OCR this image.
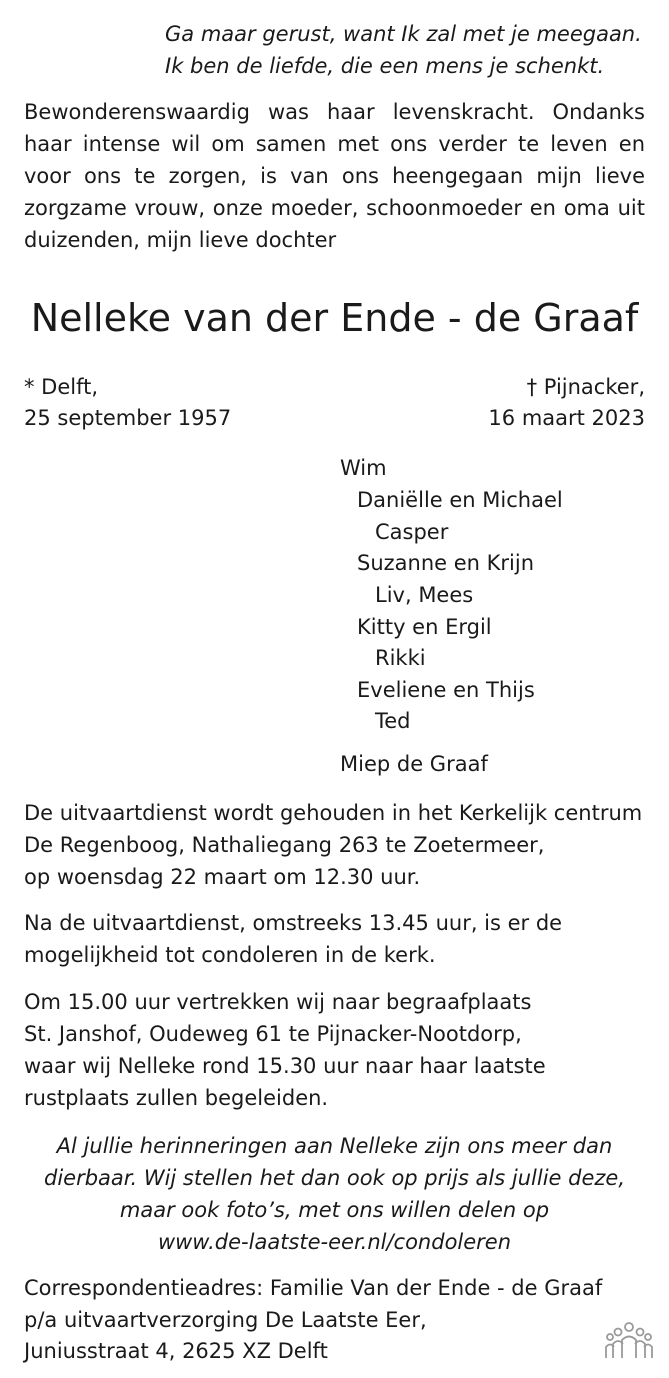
Ga maar gerust, want Ik zal met je meegaan.
Ik ben de liefde, die een mens je schenkt.
Bewonderenswaardig was haar levenskracht. Ondanks haar intense wil om samen met ons verder te leven en voor ons te zorgen, is van ons heengegaan mijn lieve zorgzame vrouw, onze moeder, schoonmoeder en oma uit duizenden, mijn lieve dochter
Nelleke van der Ende - de Graaf
* Delft,
25 september 1957
† Pijnacker,
16 maart 2023
Wim
Daniëlle en Michael
Casper
Suzanne en Krijn
Liv, Mees
Kitty en Ergil
Rikki
Eveliene en Thijs
Ted
Miep de Graaf
De uitvaartdienst wordt gehouden in het Kerkelijk centrum
De Regenboog, Nathaliegang 263 te Zoetermeer,
op woensdag 22 maart om 12.30 uur.
Na de uitvaartdienst, omstreeks 13.45 uur, is er de
mogelijkheid tot condoleren in de kerk.
Om 15.00 uur vertrekken wij naar begraafplaats
St. Janshof, Oudeweg 61 te Pijnacker-Nootdorp,
waar wij Nelleke rond 15.30 uur naar haar laatste
rustplaats zullen begeleiden.
Al jullie herinneringen aan Nelleke zijn ons meer dan
dierbaar. Wij stellen het dan ook op prijs als jullie deze,
maar ook foto’s, met ons willen delen op
www.de-laatste-eer.nl/condoleren
Correspondentieadres: Familie Van der Ende - de Graaf
p/a uitvaartverzorging De Laatste Eer,
Juniusstraat 4, 2625 XZ Delft
